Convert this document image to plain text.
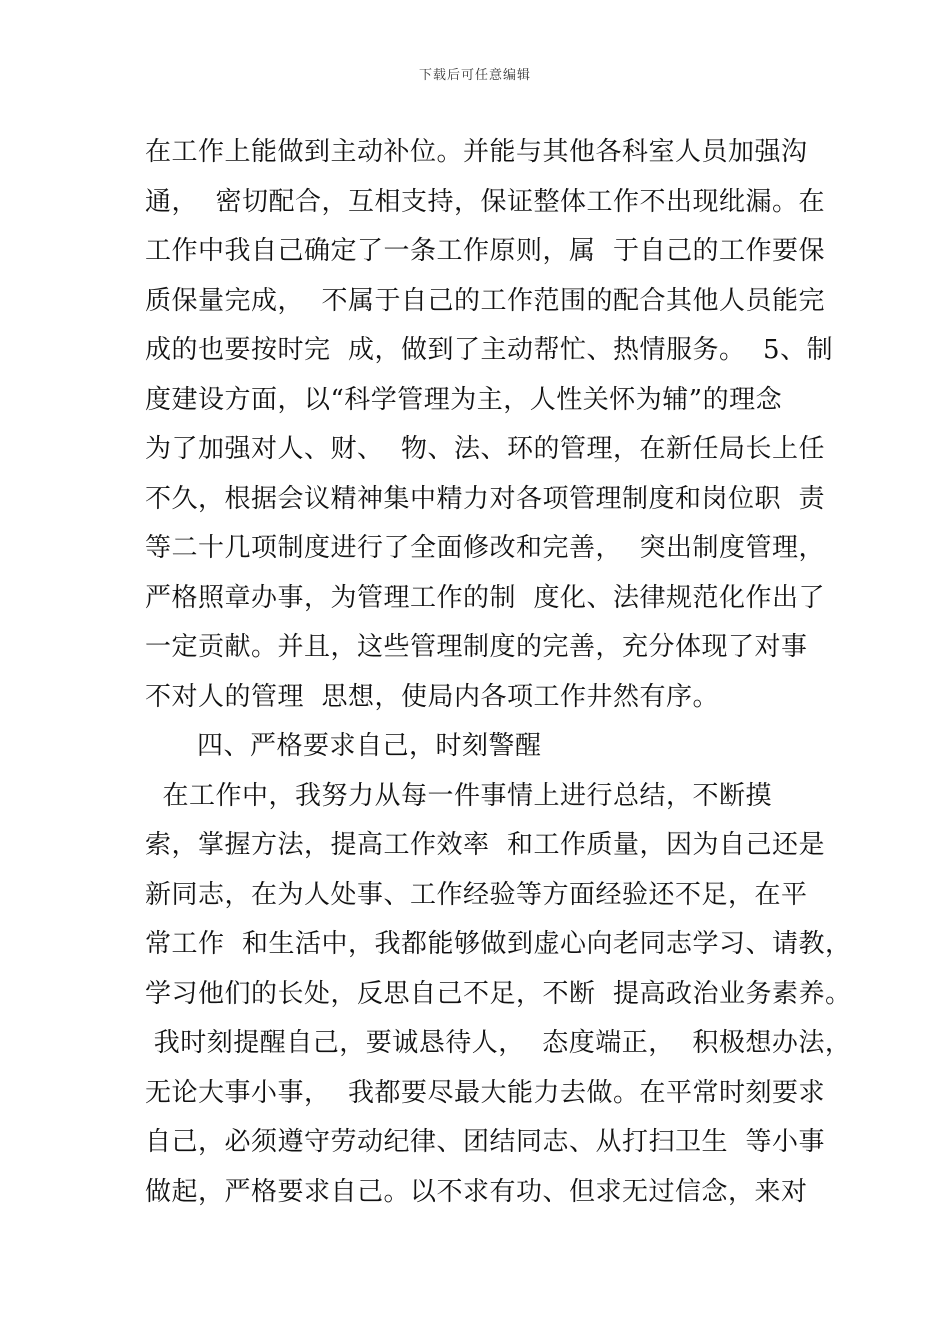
下载后可任意编辑
在工作上能做到主动补位。并能与其他各科室人员加强沟
通，  密切配合，互相支持，保证整体工作不出现纰漏。在
工作中我自己确定了一条工作原则，属  于自己的工作要保
质保量完成，  不属于自己的工作范围的配合其他人员能完
成的也要按时完  成，做到了主动帮忙、热情服务。  5、制
度建设方面，以“科学管理为主，人性关怀为辅”的理念
为了加强对人、财、  物、法、环的管理，在新任局长上任
不久，根据会议精神集中精力对各项管理制度和岗位职  责
等二十几项制度进行了全面修改和完善，  突出制度管理，
严格照章办事，为管理工作的制  度化、法律规范化作出了
一定贡献。并且，这些管理制度的完善，充分体现了对事
不对人的管理  思想，使局内各项工作井然有序。
四、严格要求自己，时刻警醒
在工作中，我努力从每一件事情上进行总结，不断摸
索，掌握方法，提高工作效率  和工作质量，因为自己还是
新同志，在为人处事、工作经验等方面经验还不足，在平
常工作  和生活中，我都能够做到虚心向老同志学习、请教，
学习他们的长处，反思自己不足，不断  提高政治业务素养。
我时刻提醒自己，要诚恳待人，  态度端正，  积极想办法，
无论大事小事，  我都要尽最大能力去做。在平常时刻要求
自己，必须遵守劳动纪律、团结同志、从打扫卫生  等小事
做起，严格要求自己。以不求有功、但求无过信念，来对
